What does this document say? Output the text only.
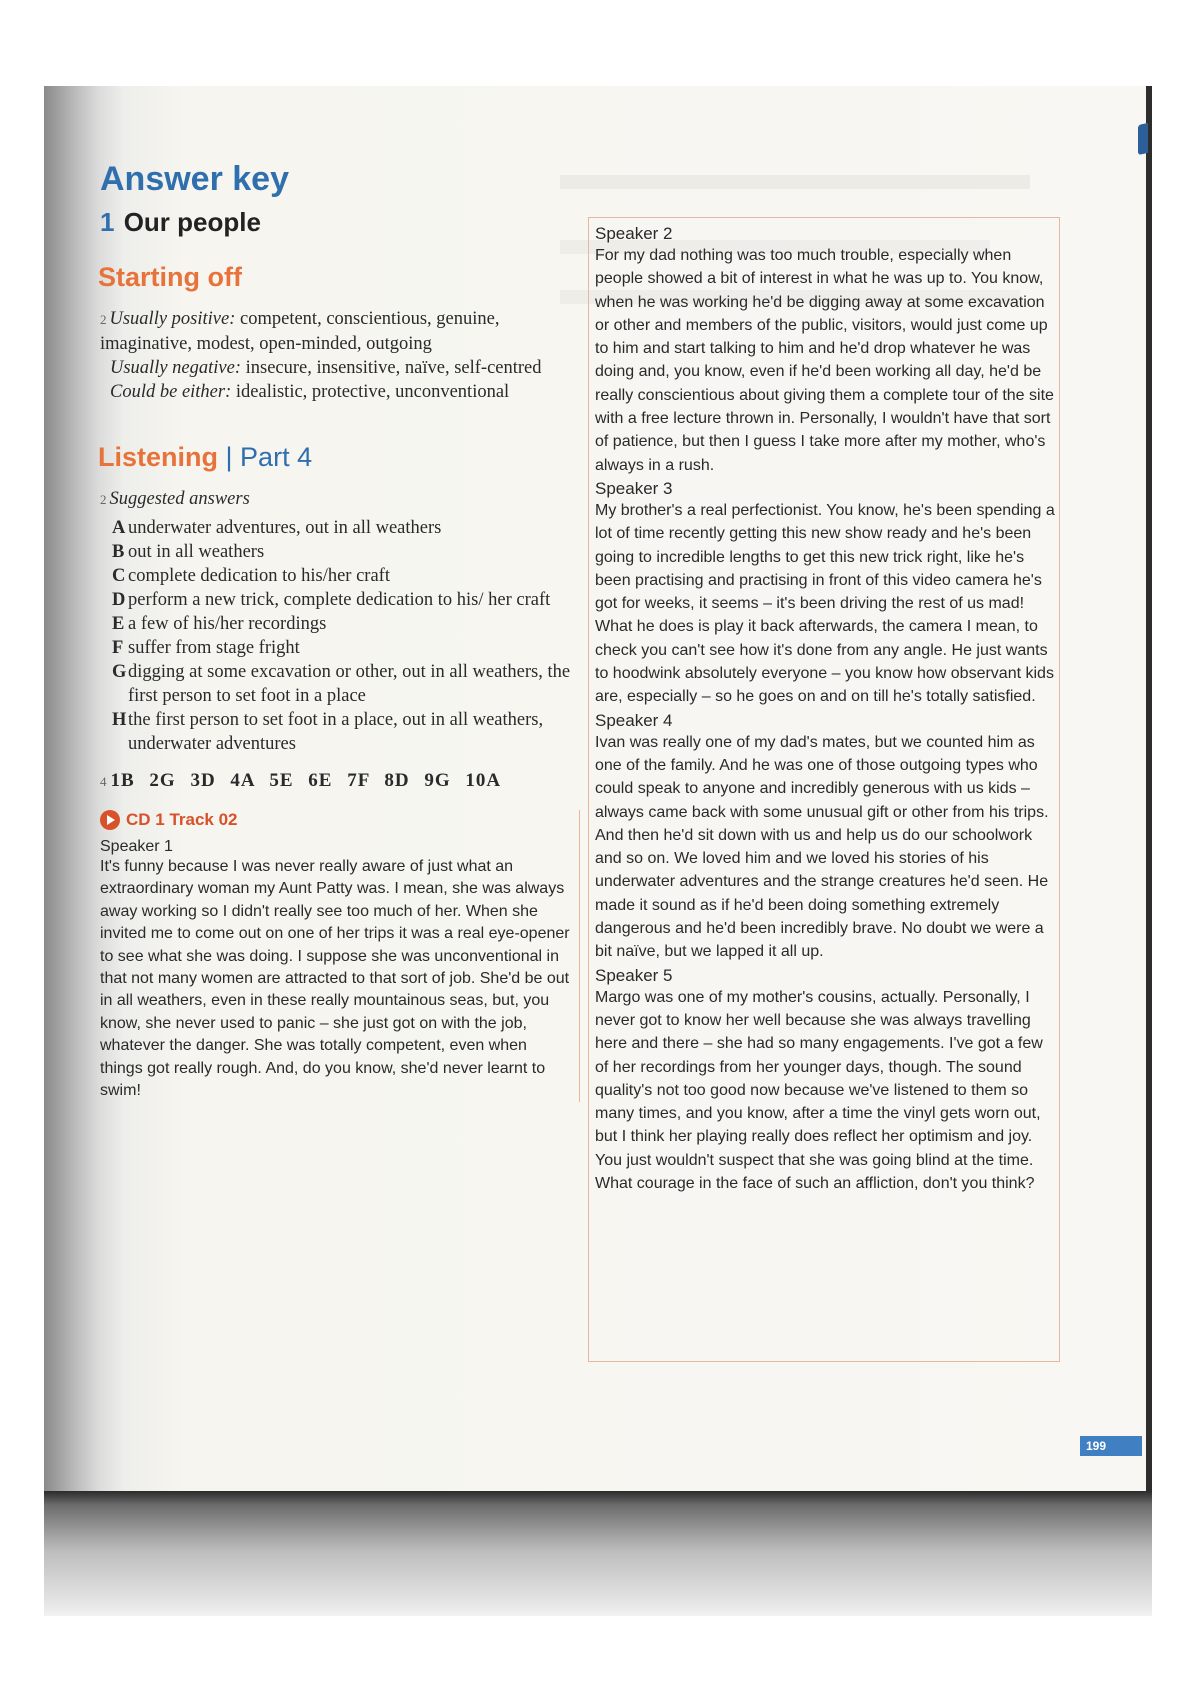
199
Answer key
1 Our people
Starting off
2 Usually positive: competent, conscientious, genuine, imaginative, modest, open-minded, outgoing
Usually negative: insecure, insensitive, naïve, self-centred
Could be either: idealistic, protective, unconventional
Listening | Part 4
2 Suggested answers
A underwater adventures, out in all weathers
B out in all weathers
C complete dedication to his/her craft
D perform a new trick, complete dedication to his/ her craft
E a few of his/her recordings
F suffer from stage fright
G digging at some excavation or other, out in all weathers, the first person to set foot in a place
H the first person to set foot in a place, out in all weathers, underwater adventures
4 1B 2G 3D 4A 5E 6E 7F 8D 9G 10A
CD 1 Track 02
Speaker 1
It's funny because I was never really aware of just what an extraordinary woman my Aunt Patty was. I mean, she was always away working so I didn't really see too much of her. When she invited me to come out on one of her trips it was a real eye-opener to see what she was doing. I suppose she was unconventional in that not many women are attracted to that sort of job. She'd be out in all weathers, even in these really mountainous seas, but, you know, she never used to panic – she just got on with the job, whatever the danger. She was totally competent, even when things got really rough. And, do you know, she'd never learnt to swim!
Speaker 2
For my dad nothing was too much trouble, especially when people showed a bit of interest in what he was up to. You know, when he was working he'd be digging away at some excavation or other and members of the public, visitors, would just come up to him and start talking to him and he'd drop whatever he was doing and, you know, even if he'd been working all day, he'd be really conscientious about giving them a complete tour of the site with a free lecture thrown in. Personally, I wouldn't have that sort of patience, but then I guess I take more after my mother, who's always in a rush.
Speaker 3
My brother's a real perfectionist. You know, he's been spending a lot of time recently getting this new show ready and he's been going to incredible lengths to get this new trick right, like he's been practising and practising in front of this video camera he's got for weeks, it seems – it's been driving the rest of us mad! What he does is play it back afterwards, the camera I mean, to check you can't see how it's done from any angle. He just wants to hoodwink absolutely everyone – you know how observant kids are, especially – so he goes on and on till he's totally satisfied.
Speaker 4
Ivan was really one of my dad's mates, but we counted him as one of the family. And he was one of those outgoing types who could speak to anyone and incredibly generous with us kids – always came back with some unusual gift or other from his trips. And then he'd sit down with us and help us do our schoolwork and so on. We loved him and we loved his stories of his underwater adventures and the strange creatures he'd seen. He made it sound as if he'd been doing something extremely dangerous and he'd been incredibly brave. No doubt we were a bit naïve, but we lapped it all up.
Speaker 5
Margo was one of my mother's cousins, actually. Personally, I never got to know her well because she was always travelling here and there – she had so many engagements. I've got a few of her recordings from her younger days, though. The sound quality's not too good now because we've listened to them so many times, and you know, after a time the vinyl gets worn out, but I think her playing really does reflect her optimism and joy. You just wouldn't suspect that she was going blind at the time. What courage in the face of such an affliction, don't you think?
